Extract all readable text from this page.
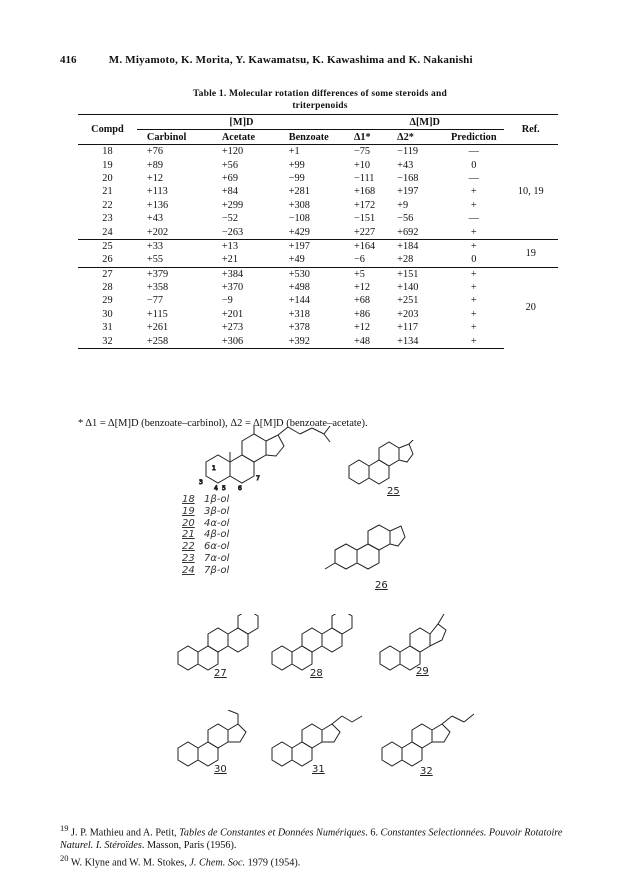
416	M. Miyamoto, K. Morita, Y. Kawamatsu, K. Kawashima and K. Nakanishi
Table 1. Molecular rotation differences of some steroids and
triterpenoids
Compd	[M]D			Δ[M]D			Ref.
	Carbinol	Acetate	Benzoate	Δ1*	Δ2*	Prediction	
18	+76	+120	+1	−75	−119	—	10, 19
19	+89	+56	+99	+10	+43	0	
20	+12	+69	−99	−111	−168	—	
21	+113	+84	+281	+168	+197	+	
22	+136	+299	+308	+172	+9	+	
23	+43	−52	−108	−151	−56	—	
24	+202	−263	+429	+227	+692	+	
25	+33	+13	+197	+164	+184	+	19
26	+55	+21	+49	−6	+28	0	
27	+379	+384	+530	+5	+151	+	20
28	+358	+370	+498	+12	+140	+	
29	−77	−9	+144	+68	+251	+	
30	+115	+201	+318	+86	+203	+	
31	+261	+273	+378	+12	+117	+	
32	+258	+306	+392	+48	+134	+	
* Δ1 = Δ[M]D (benzoate–carbinol), Δ2 = Δ[M]D (benzoate–acetate).
1
3
4 5 6
7
18 1β-ol
19 3β-ol
20 4α-ol
21 4β-ol
22 6α-ol
23 7α-ol
24 7β-ol
25
26
27	28	29
30	31	32
$^{19}$ J. P. Mathieu and A. Petit, Tables de Constantes et Données Numériques. 6. Constantes Selectionnées. Pouvoir Rotatoire Naturel. I. Stéroïdes. Masson, Paris (1956).
$^{20}$ W. Klyne and W. M. Stokes, J. Chem. Soc. 1979 (1954).
